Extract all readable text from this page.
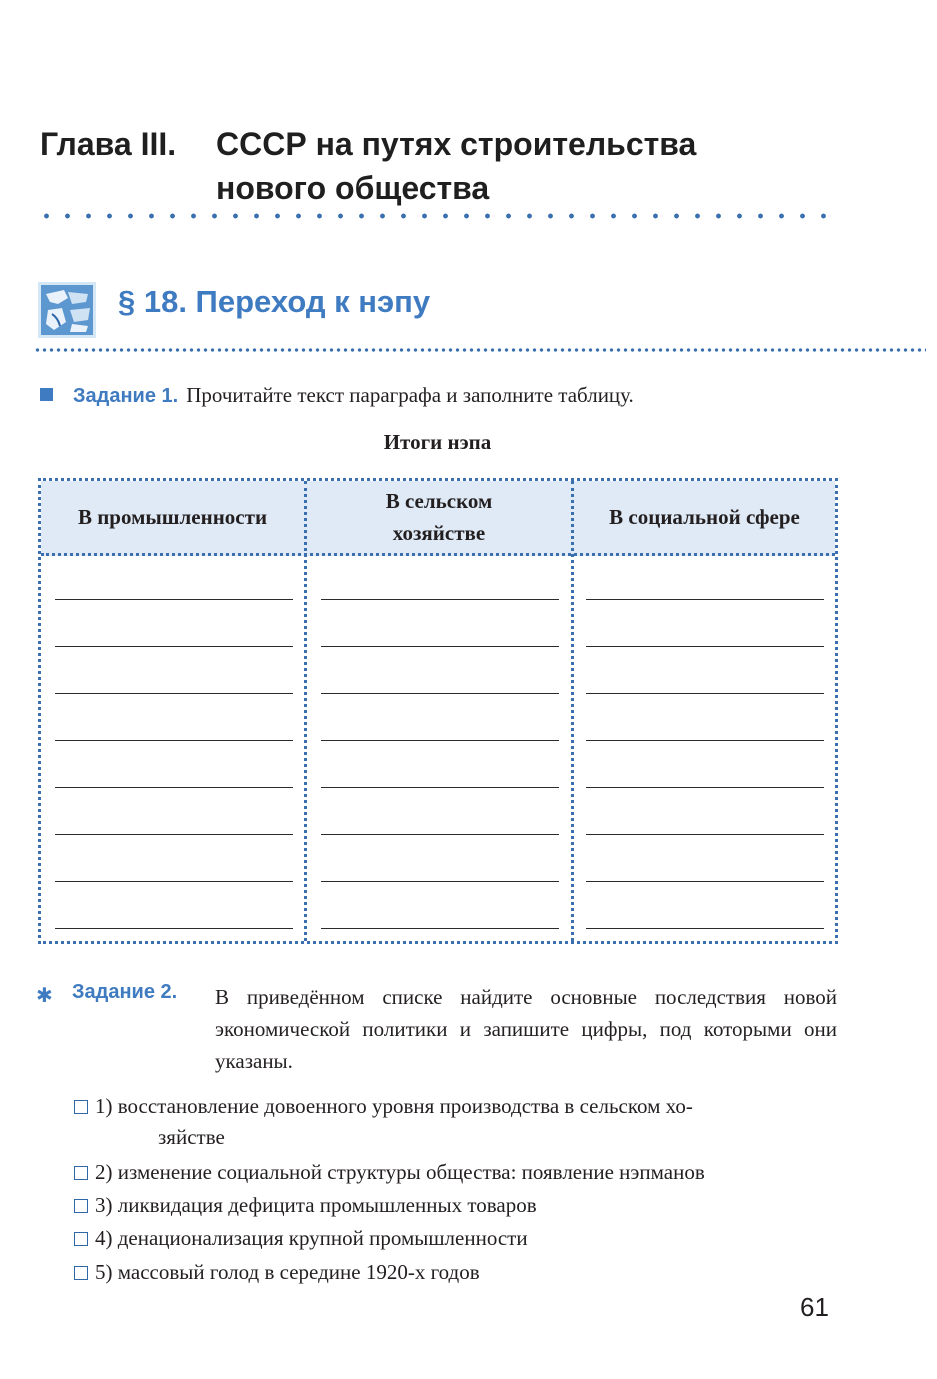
Глава III. СССР на путях строительства
нового общества
§ 18. Переход к нэпу
Задание 1. Прочитайте текст параграфа и заполните таблицу.
Итоги нэпа
В промышленности
В сельском хозяйстве
В социальной сфере
✱ Задание 2. В приведённом списке найдите основные последствия новой экономической политики и запишите цифры, под которыми они указаны.
1) восстановление довоенного уровня производства в сельском хо-
зяйстве
2) изменение социальной структуры общества: появление нэпманов
3) ликвидация дефицита промышленных товаров
4) денационализация крупной промышленности
5) массовый голод в середине 1920-х годов
61
